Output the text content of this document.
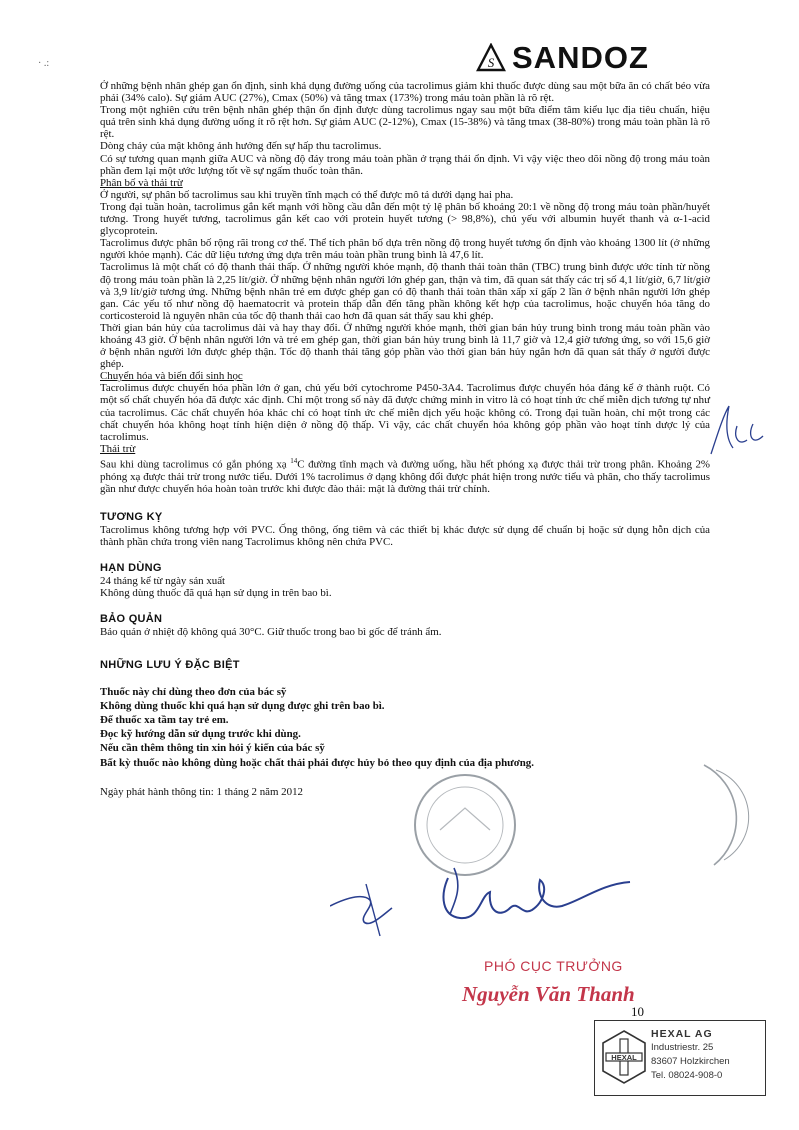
· .:	S SANDOZ

Ở những bệnh nhân ghép gan ổn định, sinh khả dụng đường uống của tacrolimus giảm khi thuốc được dùng sau một bữa ăn có chất béo vừa phải (34% calo). Sự giảm AUC (27%), Cmax (50%) và tăng tmax (173%) trong máu toàn phần là rõ rệt.

Trong một nghiên cứu trên bệnh nhân ghép thận ổn định được dùng tacrolimus ngay sau một bữa điểm tâm kiểu lục địa tiêu chuẩn, hiệu quả trên sinh khả dụng đường uống ít rõ rệt hơn. Sự giảm AUC (2-12%), Cmax (15-38%) và tăng tmax (38-80%) trong máu toàn phần là rõ rệt.

Dòng chảy của mật không ảnh hưởng đến sự hấp thu tacrolimus.

Có sự tương quan mạnh giữa AUC và nồng độ đáy trong máu toàn phần ở trạng thái ổn định. Vì vậy việc theo dõi nồng độ trong máu toàn phần đem lại một ước lượng tốt về sự ngấm thuốc toàn thân.

Phân bố và thải trừ

Ở người, sự phân bố tacrolimus sau khi truyền tĩnh mạch có thể được mô tả dưới dạng hai pha.

Trong đại tuần hoàn, tacrolimus gắn kết mạnh với hồng cầu dẫn đến một tỷ lệ phân bố khoảng 20:1 về nồng độ trong máu toàn phần/huyết tương. Trong huyết tương, tacrolimus gắn kết cao với protein huyết tương (> 98,8%), chủ yếu với albumin huyết thanh và α-1-acid glycoprotein.

Tacrolimus được phân bố rộng rãi trong cơ thể. Thể tích phân bố dựa trên nồng độ trong huyết tương ổn định vào khoảng 1300 lít (ở những người khỏe mạnh). Các dữ liệu tương ứng dựa trên máu toàn phần trung bình là 47,6 lít.

Tacrolimus là một chất có độ thanh thải thấp. Ở những người khỏe mạnh, độ thanh thải toàn thân (TBC) trung bình được ước tính từ nồng độ trong máu toàn phần là 2,25 lít/giờ. Ở những bệnh nhân người lớn ghép gan, thận và tim, đã quan sát thấy các trị số 4,1 lít/giờ, 6,7 lít/giờ và 3,9 lít/giờ tương ứng. Những bệnh nhân trẻ em được ghép gan có độ thanh thải toàn thân xấp xỉ gấp 2 lần ở bệnh nhân người lớn ghép gan. Các yếu tố như nồng độ haematocrit và protein thấp dẫn đến tăng phần không kết hợp của tacrolimus, hoặc chuyển hóa tăng do corticosteroid là nguyên nhân của tốc độ thanh thải cao hơn đã quan sát thấy sau khi ghép.

Thời gian bán hủy của tacrolimus dài và hay thay đổi. Ở những người khỏe mạnh, thời gian bán hủy trung bình trong máu toàn phần vào khoảng 43 giờ. Ở bệnh nhân người lớn và trẻ em ghép gan, thời gian bán hủy trung bình là 11,7 giờ và 12,4 giờ tương ứng, so với 15,6 giờ ở bệnh nhân người lớn được ghép thận. Tốc độ thanh thải tăng góp phần vào thời gian bán hủy ngắn hơn đã quan sát thấy ở người được ghép.

Chuyển hóa và biến đổi sinh học

Tacrolimus được chuyển hóa phần lớn ở gan, chủ yếu bởi cytochrome P450-3A4. Tacrolimus được chuyển hóa đáng kể ở thành ruột. Có một số chất chuyển hóa đã được xác định. Chỉ một trong số này đã được chứng minh in vitro là có hoạt tính ức chế miễn dịch tương tự như của tacrolimus. Các chất chuyển hóa khác chỉ có hoạt tính ức chế miễn dịch yếu hoặc không có. Trong đại tuần hoàn, chỉ một trong các chất chuyển hóa không hoạt tính hiện diện ở nồng độ thấp. Vì vậy, các chất chuyển hóa không góp phần vào hoạt tính dược lý của tacrolimus.

Thải trừ

Sau khi dùng tacrolimus có gắn phóng xạ $^{14}$C đường tĩnh mạch và đường uống, hầu hết phóng xạ được thải trừ trong phân. Khoảng 2% phóng xạ được thải trừ trong nước tiểu. Dưới 1% tacrolimus ở dạng không đổi được phát hiện trong nước tiểu và phân, cho thấy tacrolimus gần như được chuyển hóa hoàn toàn trước khi được đào thải: mật là đường thải trừ chính.

TƯƠNG KỴ

Tacrolimus không tương hợp với PVC. Ống thông, ống tiêm và các thiết bị khác được sử dụng để chuẩn bị hoặc sử dụng hỗn dịch của thành phần chứa trong viên nang Tacrolimus không nên chứa PVC.

HẠN DÙNG

24 tháng kể từ ngày sản xuất

Không dùng thuốc đã quá hạn sử dụng in trên bao bì.

BẢO QUẢN

Bảo quản ở nhiệt độ không quá 30°C. Giữ thuốc trong bao bì gốc để tránh ẩm.

NHỮNG LƯU Ý ĐẶC BIỆT

Thuốc này chỉ dùng theo đơn của bác sỹ

Không dùng thuốc khi quá hạn sử dụng được ghi trên bao bì.

Để thuốc xa tầm tay trẻ em.

Đọc kỹ hướng dẫn sử dụng trước khi dùng.

Nếu cần thêm thông tin xin hỏi ý kiến của bác sỹ

Bất kỳ thuốc nào không dùng hoặc chất thải phải được hủy bỏ theo quy định của địa phương.

Ngày phát hành thông tin: 1 tháng 2 năm 2012

PHÓ CỤC TRƯỞNG
Nguyễn Văn Thanh
10
HEXAL
HEXAL AG
Industriestr. 25
83607 Holzkirchen
Tel. 08024-908-0
